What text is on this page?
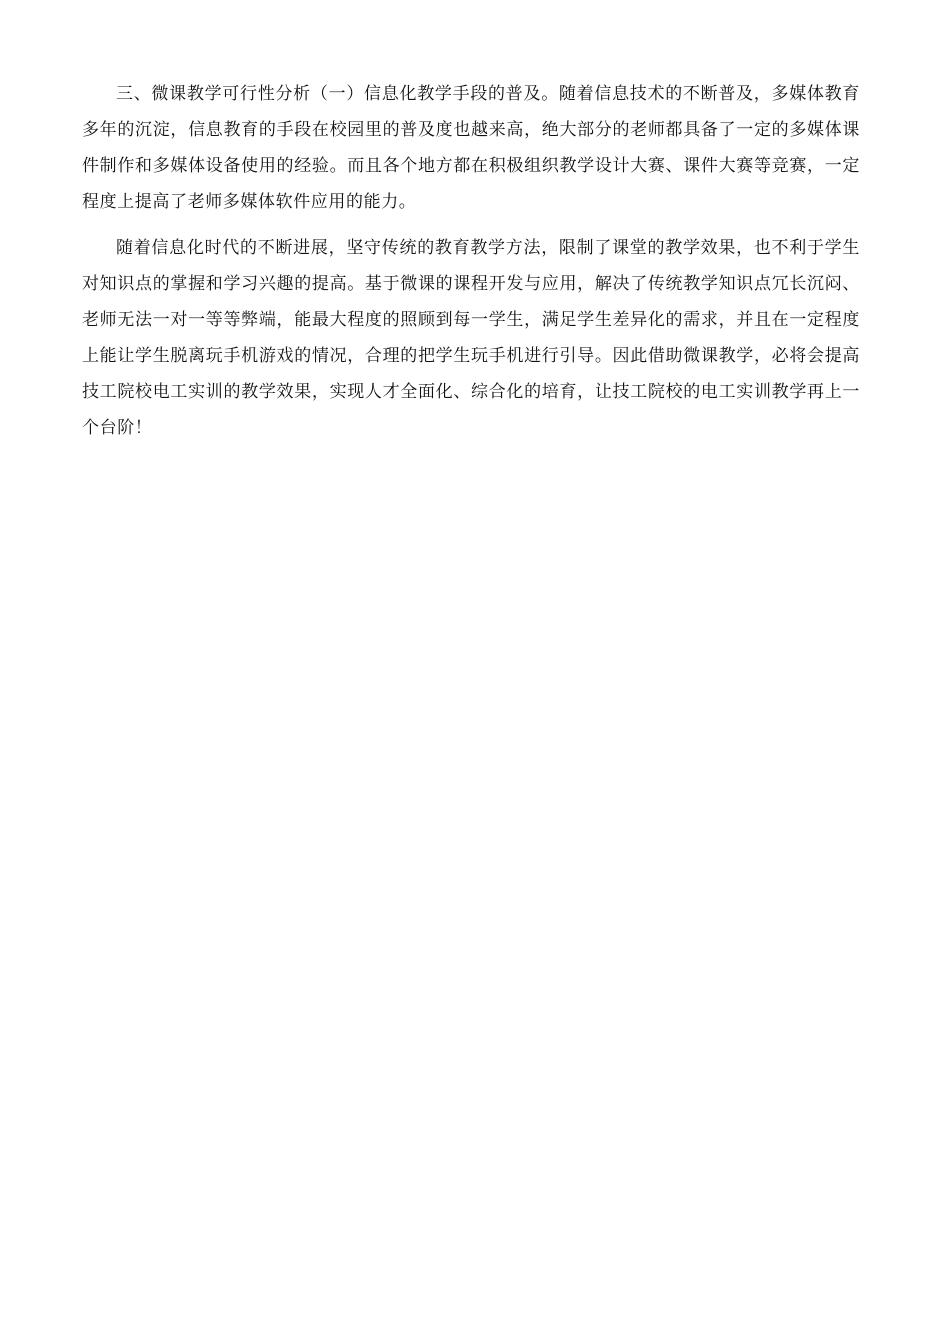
三、微课教学可行性分析（一）信息化教学手段的普及。随着信息技术的不断普及，多媒体教育多年的沉淀，信息教育的手段在校园里的普及度也越来高，绝大部分的老师都具备了一定的多媒体课件制作和多媒体设备使用的经验。而且各个地方都在积极组织教学设计大赛、课件大赛等竞赛，一定程度上提高了老师多媒体软件应用的能力。

随着信息化时代的不断进展，坚守传统的教育教学方法，限制了课堂的教学效果，也不利于学生对知识点的掌握和学习兴趣的提高。基于微课的课程开发与应用，解决了传统教学知识点冗长沉闷、老师无法一对一等等弊端，能最大程度的照顾到每一学生，满足学生差异化的需求，并且在一定程度上能让学生脱离玩手机游戏的情况，合理的把学生玩手机进行引导。因此借助微课教学，必将会提高技工院校电工实训的教学效果，实现人才全面化、综合化的培育，让技工院校的电工实训教学再上一个台阶！
